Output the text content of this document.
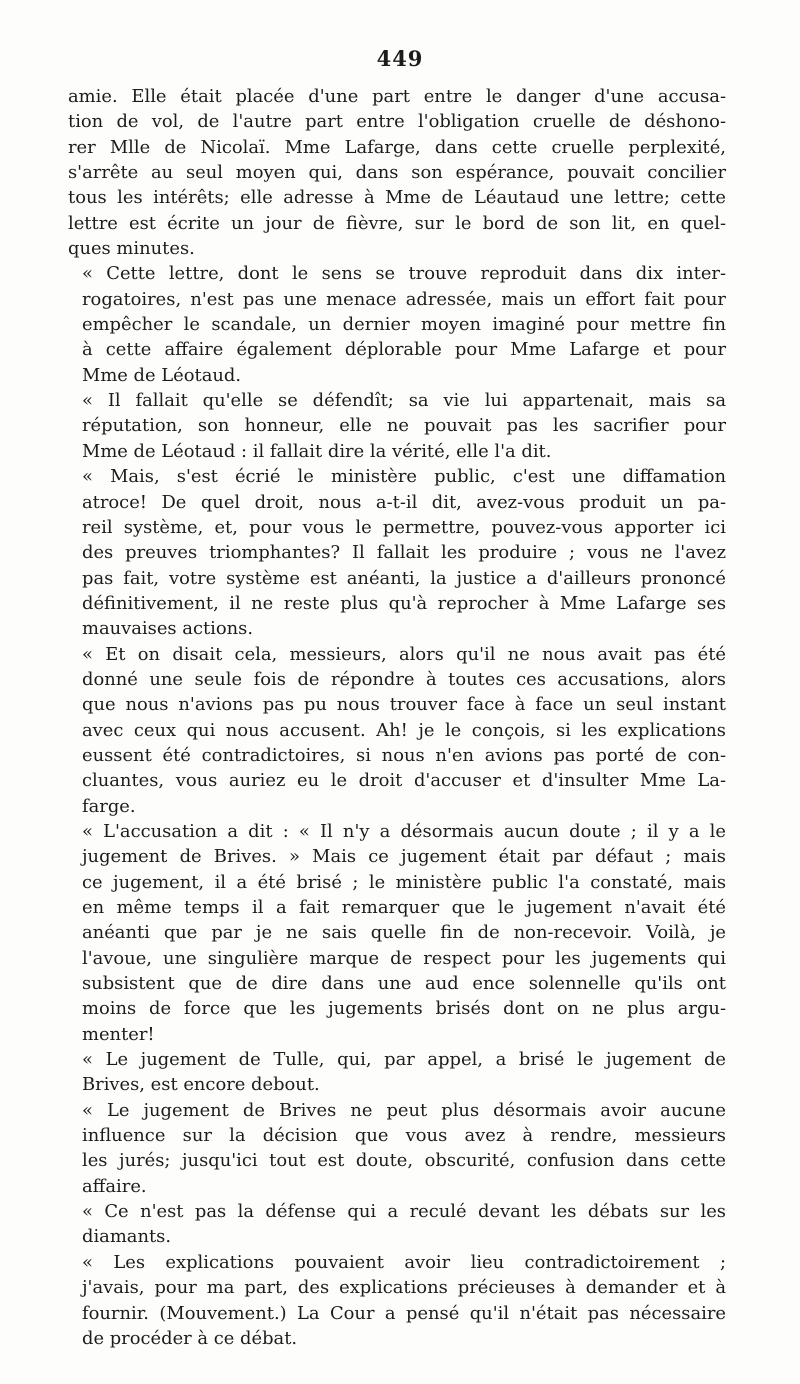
449

amie. Elle était placée d'une part entre le danger d'une accusa-
tion de vol, de l'autre part entre l'obligation cruelle de déshono-
rer Mlle de Nicolaï. Mme Lafarge, dans cette cruelle perplexité,
s'arrête au seul moyen qui, dans son espérance, pouvait concilier
tous les intérêts; elle adresse à Mme de Léautaud une lettre; cette
lettre est écrite un jour de fièvre, sur le bord de son lit, en quel-
ques minutes.

« Cette lettre, dont le sens se trouve reproduit dans dix inter-
rogatoires, n'est pas une menace adressée, mais un effort fait pour
empêcher le scandale, un dernier moyen imaginé pour mettre fin
à cette affaire également déplorable pour Mme Lafarge et pour
Mme de Léotaud.

« Il fallait qu'elle se défendît; sa vie lui appartenait, mais sa
réputation, son honneur, elle ne pouvait pas les sacrifier pour
Mme de Léotaud : il fallait dire la vérité, elle l'a dit.

« Mais, s'est écrié le ministère public, c'est une diffamation
atroce! De quel droit, nous a-t-il dit, avez-vous produit un pa-
reil système, et, pour vous le permettre, pouvez-vous apporter ici
des preuves triomphantes? Il fallait les produire ; vous ne l'avez
pas fait, votre système est anéanti, la justice a d'ailleurs prononcé
définitivement, il ne reste plus qu'à reprocher à Mme Lafarge ses
mauvaises actions.

« Et on disait cela, messieurs, alors qu'il ne nous avait pas été
donné une seule fois de répondre à toutes ces accusations, alors
que nous n'avions pas pu nous trouver face à face un seul instant
avec ceux qui nous accusent. Ah! je le conçois, si les explications
eussent été contradictoires, si nous n'en avions pas porté de con-
cluantes, vous auriez eu le droit d'accuser et d'insulter Mme La-
farge.

« L'accusation a dit : « Il n'y a désormais aucun doute ; il y a le
jugement de Brives. » Mais ce jugement était par défaut ; mais
ce jugement, il a été brisé ; le ministère public l'a constaté, mais
en même temps il a fait remarquer que le jugement n'avait été
anéanti que par je ne sais quelle fin de non-recevoir. Voilà, je
l'avoue, une singulière marque de respect pour les jugements qui
subsistent que de dire dans une aud ence solennelle qu'ils ont
moins de force que les jugements brisés dont on ne plus argu-
menter!

« Le jugement de Tulle, qui, par appel, a brisé le jugement de
Brives, est encore debout.

« Le jugement de Brives ne peut plus désormais avoir aucune
influence sur la décision que vous avez à rendre, messieurs
les jurés; jusqu'ici tout est doute, obscurité, confusion dans cette
affaire.

« Ce n'est pas la défense qui a reculé devant les débats sur les
diamants.

« Les explications pouvaient avoir lieu contradictoirement ;
j'avais, pour ma part, des explications précieuses à demander et à
fournir. (Mouvement.) La Cour a pensé qu'il n'était pas nécessaire
de procéder à ce débat.
